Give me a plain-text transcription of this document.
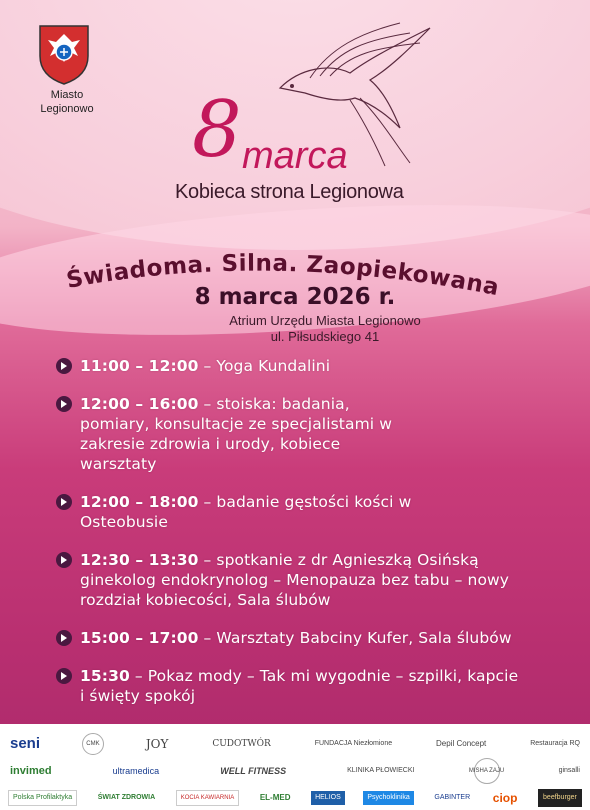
Miasto
Legionowo 8 marca
Kobieca strona Legionowa
Świadoma. Silna. Zaopiekowana
8 marca 2026 r.
Atrium Urzędu Miasta Legionowo
ul. Piłsudskiego 41
11:00 – 12:00 – Yoga Kundalini
12:00 – 16:00 – stoiska: badania, pomiary, konsultacje ze specjalistami w zakresie zdrowia i urody, kobiece warsztaty
12:00 – 18:00 – badanie gęstości kości w Osteobusie
12:30 – 13:30 – spotkanie z dr Agnieszką Osińską ginekolog endokrynolog – Menopauza bez tabu – nowy rozdział kobiecości, Sala ślubów
15:00 – 17:00 – Warsztaty Babciny Kufer, Sala ślubów
15:30 – Pokaz mody – Tak mi wygodnie – szpilki, kapcie i święty spokój
seni	CMK	JOY	CUDOTWÓR	FUNDACJA Niezłomione	Depil Concept	Restauracja RQ
invimed	ultramedica	WELL FITNESS	KLINIKA PŁOWIECKI	MISHA ZAJU	ginsalli
Polska Profilaktyka	ŚWIAT ZDROWIA	KOCIA KAWIARNIA	EL-MED	HELIOS	Psychoklinika	GABINTER ciop	beefburger
